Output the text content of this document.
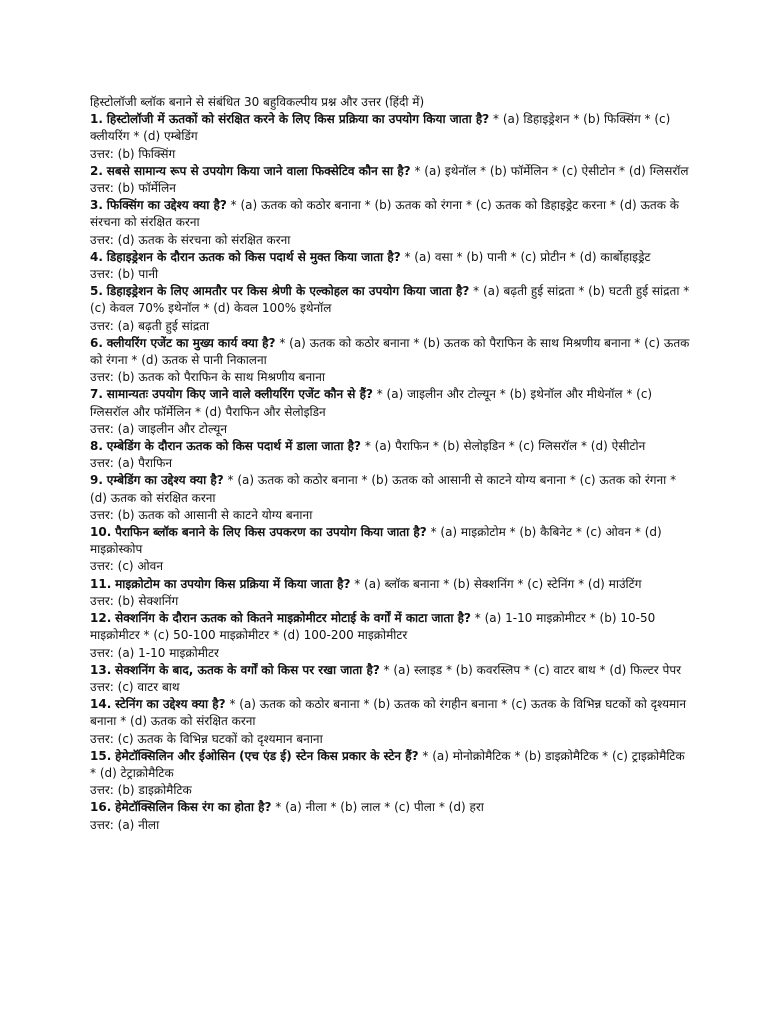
हिस्टोलॉजी ब्लॉक बनाने से संबंधित 30 बहुविकल्पीय प्रश्न और उत्तर (हिंदी में)

1. हिस्टोलॉजी में ऊतकों को संरक्षित करने के लिए किस प्रक्रिया का उपयोग किया जाता है? * (a) डिहाइड्रेशन * (b) फिक्सिंग * (c) क्लीयरिंग * (d) एम्बेडिंग

उत्तर: (b) फिक्सिंग

2. सबसे सामान्य रूप से उपयोग किया जाने वाला फिक्सेटिव कौन सा है? * (a) इथेनॉल * (b) फॉर्मेलिन * (c) ऐसीटोन * (d) ग्लिसरॉल

उत्तर: (b) फॉर्मेलिन

3. फिक्सिंग का उद्देश्य क्या है? * (a) ऊतक को कठोर बनाना * (b) ऊतक को रंगना * (c) ऊतक को डिहाइड्रेट करना * (d) ऊतक के संरचना को संरक्षित करना

उत्तर: (d) ऊतक के संरचना को संरक्षित करना

4. डिहाइड्रेशन के दौरान ऊतक को किस पदार्थ से मुक्त किया जाता है? * (a) वसा * (b) पानी * (c) प्रोटीन * (d) कार्बोहाइड्रेट

उत्तर: (b) पानी

5. डिहाइड्रेशन के लिए आमतौर पर किस श्रेणी के एल्कोहल का उपयोग किया जाता है? * (a) बढ़ती हुई सांद्रता * (b) घटती हुई सांद्रता * (c) केवल 70% इथेनॉल * (d) केवल 100% इथेनॉल

उत्तर: (a) बढ़ती हुई सांद्रता

6. क्लीयरिंग एजेंट का मुख्य कार्य क्या है? * (a) ऊतक को कठोर बनाना * (b) ऊतक को पैराफिन के साथ मिश्रणीय बनाना * (c) ऊतक को रंगना * (d) ऊतक से पानी निकालना

उत्तर: (b) ऊतक को पैराफिन के साथ मिश्रणीय बनाना

7. सामान्यतः उपयोग किए जाने वाले क्लीयरिंग एजेंट कौन से हैं? * (a) जाइलीन और टोल्यून * (b) इथेनॉल और मीथेनॉल * (c) ग्लिसरॉल और फॉर्मेलिन * (d) पैराफिन और सेलोइडिन

उत्तर: (a) जाइलीन और टोल्यून

8. एम्बेडिंग के दौरान ऊतक को किस पदार्थ में डाला जाता है? * (a) पैराफिन * (b) सेलोइडिन * (c) ग्लिसरॉल * (d) ऐसीटोन

उत्तर: (a) पैराफिन

9. एम्बेडिंग का उद्देश्य क्या है? * (a) ऊतक को कठोर बनाना * (b) ऊतक को आसानी से काटने योग्य बनाना * (c) ऊतक को रंगना * (d) ऊतक को संरक्षित करना

उत्तर: (b) ऊतक को आसानी से काटने योग्य बनाना

10. पैराफिन ब्लॉक बनाने के लिए किस उपकरण का उपयोग किया जाता है? * (a) माइक्रोटोम * (b) कैबिनेट * (c) ओवन * (d) माइक्रोस्कोप

उत्तर: (c) ओवन

11. माइक्रोटोम का उपयोग किस प्रक्रिया में किया जाता है? * (a) ब्लॉक बनाना * (b) सेक्शनिंग * (c) स्टेनिंग * (d) माउंटिंग

उत्तर: (b) सेक्शनिंग

12. सेक्शनिंग के दौरान ऊतक को कितने माइक्रोमीटर मोटाई के वर्गों में काटा जाता है? * (a) 1-10 माइक्रोमीटर * (b) 10-50 माइक्रोमीटर * (c) 50-100 माइक्रोमीटर * (d) 100-200 माइक्रोमीटर

उत्तर: (a) 1-10 माइक्रोमीटर

13. सेक्शनिंग के बाद, ऊतक के वर्गों को किस पर रखा जाता है? * (a) स्लाइड * (b) कवरस्लिप * (c) वाटर बाथ * (d) फिल्टर पेपर

उत्तर: (c) वाटर बाथ

14. स्टेनिंग का उद्देश्य क्या है? * (a) ऊतक को कठोर बनाना * (b) ऊतक को रंगहीन बनाना * (c) ऊतक के विभिन्न घटकों को दृश्यमान बनाना * (d) ऊतक को संरक्षित करना

उत्तर: (c) ऊतक के विभिन्न घटकों को दृश्यमान बनाना

15. हेमेटॉक्सिलिन और ईओसिन (एच एंड ई) स्टेन किस प्रकार के स्टेन हैं? * (a) मोनोक्रोमैटिक * (b) डाइक्रोमैटिक * (c) ट्राइक्रोमैटिक * (d) टेट्राक्रोमैटिक

उत्तर: (b) डाइक्रोमैटिक

16. हेमेटॉक्सिलिन किस रंग का होता है? * (a) नीला * (b) लाल * (c) पीला * (d) हरा

उत्तर: (a) नीला
